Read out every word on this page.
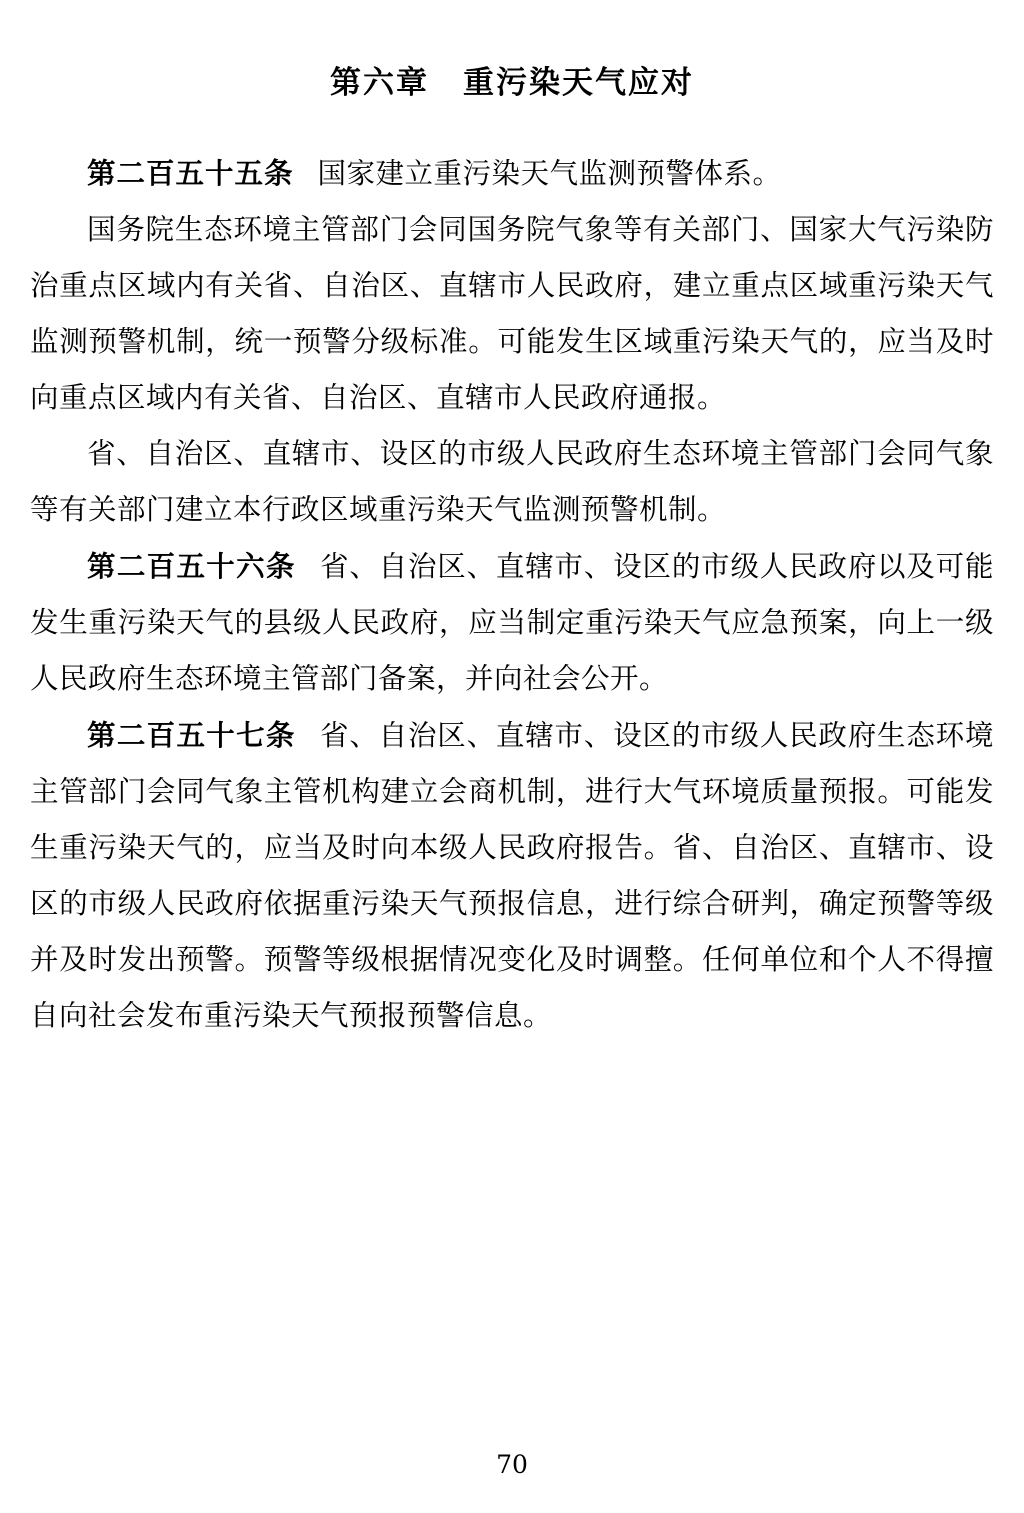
第六章 重污染天气应对

第二百五十五条 国家建立重污染天气监测预警体系。

国务院生态环境主管部门会同国务院气象等有关部门、国家大气污染防治重点区域内有关省、自治区、直辖市人民政府，建立重点区域重污染天气监测预警机制，统一预警分级标准。可能发生区域重污染天气的，应当及时向重点区域内有关省、自治区、直辖市人民政府通报。

省、自治区、直辖市、设区的市级人民政府生态环境主管部门会同气象等有关部门建立本行政区域重污染天气监测预警机制。

第二百五十六条 省、自治区、直辖市、设区的市级人民政府以及可能发生重污染天气的县级人民政府，应当制定重污染天气应急预案，向上一级人民政府生态环境主管部门备案，并向社会公开。

第二百五十七条 省、自治区、直辖市、设区的市级人民政府生态环境主管部门会同气象主管机构建立会商机制，进行大气环境质量预报。可能发生重污染天气的，应当及时向本级人民政府报告。省、自治区、直辖市、设区的市级人民政府依据重污染天气预报信息，进行综合研判，确定预警等级并及时发出预警。预警等级根据情况变化及时调整。任何单位和个人不得擅自向社会发布重污染天气预报预警信息。

70
